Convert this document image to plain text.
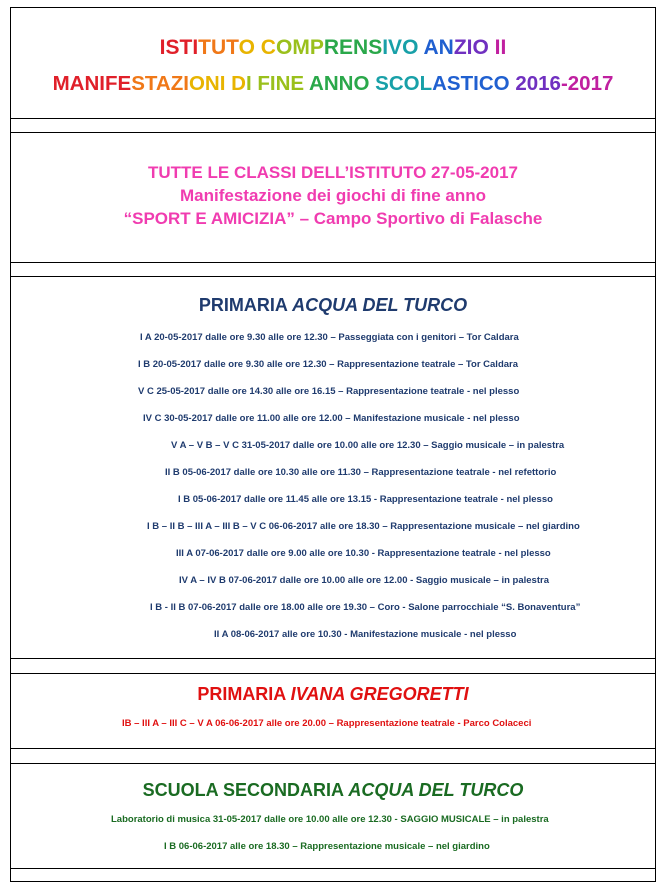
ISTITUTO COMPRENSIVO ANZIO II
MANIFESTAZIONI DI FINE ANNO SCOLASTICO 2016-2017
TUTTE LE CLASSI DELL’ISTITUTO 27-05-2017
Manifestazione dei giochi di fine anno
“SPORT E AMICIZIA” – Campo Sportivo di Falasche
PRIMARIA ACQUA DEL TURCO
I A 20-05-2017 dalle ore 9.30 alle ore 12.30 – Passeggiata con i genitori – Tor Caldara
I B 20-05-2017 dalle ore 9.30 alle ore 12.30 – Rappresentazione teatrale – Tor Caldara
V C 25-05-2017 dalle ore 14.30 alle ore 16.15 – Rappresentazione teatrale - nel plesso
IV C 30-05-2017 dalle ore 11.00 alle ore 12.00 – Manifestazione musicale - nel plesso
V A – V B – V C 31-05-2017 dalle ore 10.00 alle ore 12.30 – Saggio musicale – in palestra
II B 05-06-2017 dalle ore 10.30 alle ore 11.30 – Rappresentazione teatrale - nel refettorio
I B 05-06-2017 dalle ore 11.45 alle ore 13.15 - Rappresentazione teatrale - nel plesso
I B – II B – III A – III B – V C 06-06-2017 alle ore 18.30 – Rappresentazione musicale – nel giardino
III A 07-06-2017 dalle ore 9.00 alle ore 10.30 - Rappresentazione teatrale - nel plesso
IV A – IV B 07-06-2017 dalle ore 10.00 alle ore 12.00 - Saggio musicale – in palestra
I B - II B 07-06-2017 dalle ore 18.00 alle ore 19.30 – Coro - Salone parrocchiale “S. Bonaventura”
II A 08-06-2017 alle ore 10.30 - Manifestazione musicale - nel plesso
PRIMARIA IVANA GREGORETTI
IB – III A – III C – V A 06-06-2017 alle ore 20.00 – Rappresentazione teatrale - Parco Colaceci
SCUOLA SECONDARIA ACQUA DEL TURCO
Laboratorio di musica 31-05-2017 dalle ore 10.00 alle ore 12.30 - SAGGIO MUSICALE – in palestra
I B 06-06-2017 alle ore 18.30 – Rappresentazione musicale – nel giardino
